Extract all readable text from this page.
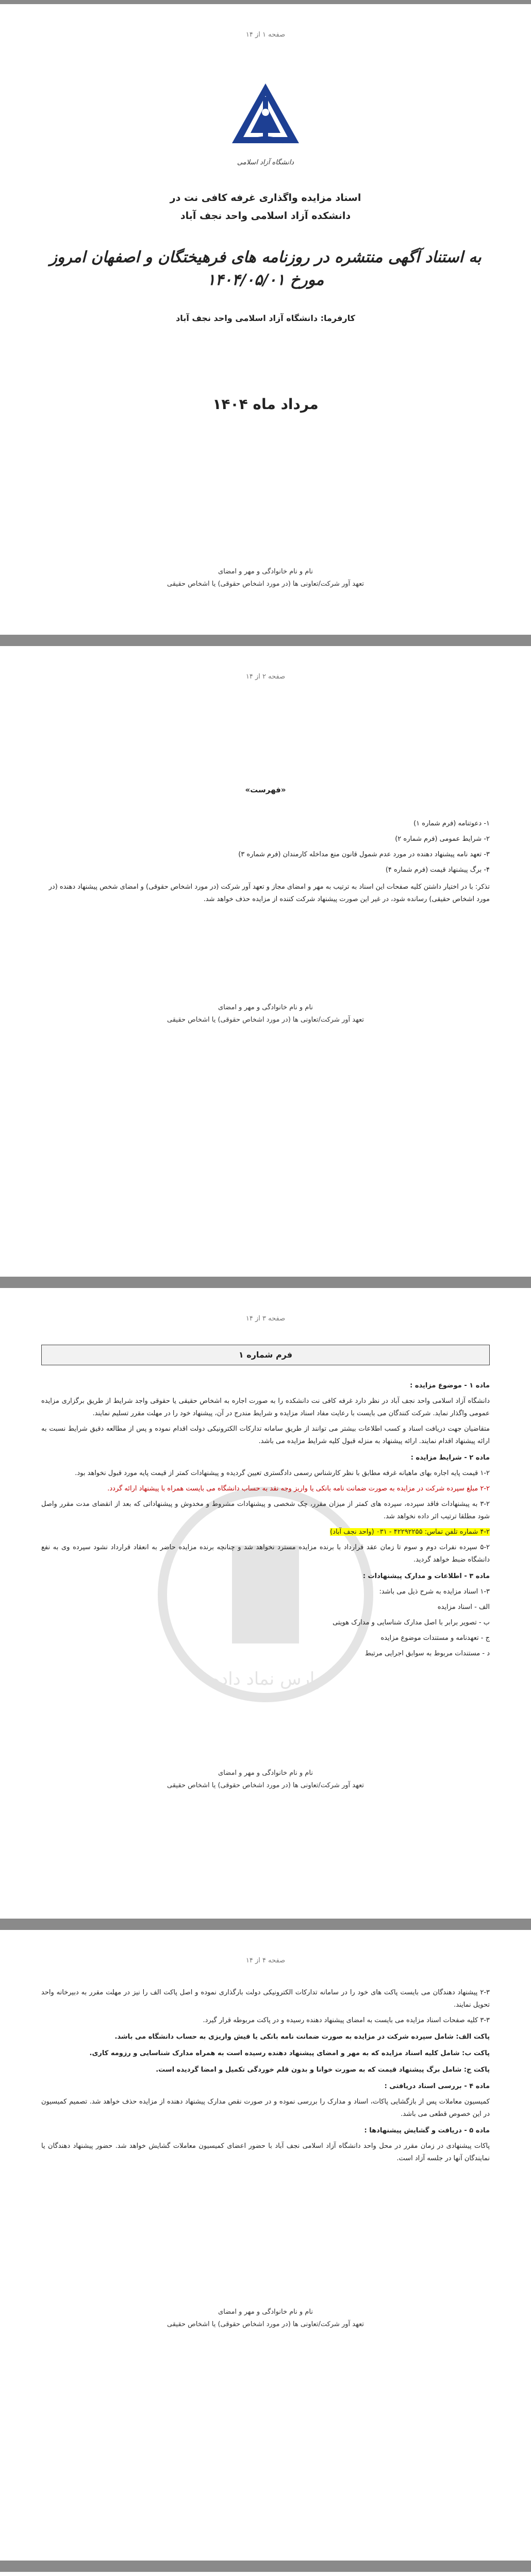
صفحه ۱ از ۱۴
دانشگاه آزاد اسلامی
اسناد مزایده واگذاری غرفه کافی نت در
دانشکده آزاد اسلامی واحد نجف آباد
به استناد آگهی منتشره در روزنامه های فرهیختگان و اصفهان امروز مورخ ۱۴۰۴/۰۵/۰۱
کارفرما: دانشگاه آزاد اسلامی واحد نجف آباد
مرداد ماه ۱۴۰۴
نام و نام خانوادگی و مهر و امضای
تعهد آور شرکت/تعاونی ها (در مورد اشخاص حقوقی) یا اشخاص حقیقی
صفحه ۲ از ۱۴
«فهرست»
۱- دعوتنامه (فرم شماره ۱)
۲- شرایط عمومی (فرم شماره ۲)
۳- تعهد نامه پیشنهاد دهنده در مورد عدم شمول قانون منع مداخله کارمندان (فرم شماره ۳)
۴- برگ پیشنهاد قیمت (فرم شماره ۴)
تذکر: با در اختیار داشتن کلیه صفحات این اسناد به ترتیب به مهر و امضای مجاز و تعهد آور شرکت (در مورد اشخاص حقوقی) و امضای شخص پیشنهاد دهنده (در مورد اشخاص حقیقی) رسانده شود، در غیر این صورت پیشنهاد شرکت کننده از مزایده حذف خواهد شد.
نام و نام خانوادگی و مهر و امضای
تعهد آور شرکت/تعاونی ها (در مورد اشخاص حقوقی) یا اشخاص حقیقی
صفحه ۳ از ۱۴
پارس نماد داده
فرم شماره ۱

ماده ۱ - موضوع مزایده :

دانشگاه آزاد اسلامی واحد نجف آباد در نظر دارد غرفه کافی نت دانشکده را به صورت اجاره به اشخاص حقیقی یا حقوقی واجد شرایط از طریق برگزاری مزایده عمومی واگذار نماید. شرکت کنندگان می بایست با رعایت مفاد اسناد مزایده و شرایط مندرج در آن، پیشنهاد خود را در مهلت مقرر تسلیم نمایند.

متقاضیان جهت دریافت اسناد و کسب اطلاعات بیشتر می توانند از طریق سامانه تدارکات الکترونیکی دولت اقدام نموده و پس از مطالعه دقیق شرایط نسبت به ارائه پیشنهاد اقدام نمایند. ارائه پیشنهاد به منزله قبول کلیه شرایط مزایده می باشد.

ماده ۲ - شرایط مزایده :

۱-۲ قیمت پایه اجاره بهای ماهیانه غرفه مطابق با نظر کارشناس رسمی دادگستری تعیین گردیده و پیشنهادات کمتر از قیمت پایه مورد قبول نخواهد بود.

۲-۲ مبلغ سپرده شرکت در مزایده به صورت ضمانت نامه بانکی یا واریز وجه نقد به حساب دانشگاه می بایست همراه با پیشنهاد ارائه گردد.

۳-۲ به پیشنهادات فاقد سپرده، سپرده های کمتر از میزان مقرر، چک شخصی و پیشنهادات مشروط و مخدوش و پیشنهاداتی که بعد از انقضای مدت مقرر واصل شود مطلقا ترتیب اثر داده نخواهد شد.

۴-۲ شماره تلفن تماس: ۴۲۲۹۲۲۵۵ - ۰۳۱ (واحد نجف آباد)

۵-۲ سپرده نفرات دوم و سوم تا زمان عقد قرارداد با برنده مزایده مسترد نخواهد شد و چنانچه برنده مزایده حاضر به انعقاد قرارداد نشود سپرده وی به نفع دانشگاه ضبط خواهد گردید.

ماده ۳ - اطلاعات و مدارک پیشنهادات :

۱-۳ اسناد مزایده به شرح ذیل می باشد:

الف - اسناد مزایده

ب - تصویر برابر با اصل مدارک شناسایی و مدارک هویتی

ج - تعهدنامه و مستندات موضوع مزایده

د - مستندات مربوط به سوابق اجرایی مرتبط

نام و نام خانوادگی و مهر و امضای
تعهد آور شرکت/تعاونی ها (در مورد اشخاص حقوقی) یا اشخاص حقیقی
صفحه ۴ از ۱۴

۲-۳ پیشنهاد دهندگان می بایست پاکت های خود را در سامانه تدارکات الکترونیکی دولت بارگذاری نموده و اصل پاکت الف را نیز در مهلت مقرر به دبیرخانه واحد تحویل نمایند.

۳-۳ کلیه صفحات اسناد مزایده می بایست به امضای پیشنهاد دهنده رسیده و در پاکت مربوطه قرار گیرد.

پاکت الف: شامل سپرده شرکت در مزایده به صورت ضمانت نامه بانکی یا فیش واریزی به حساب دانشگاه می باشد.

پاکت ب: شامل کلیه اسناد مزایده که به مهر و امضای پیشنهاد دهنده رسیده است به همراه مدارک شناسایی و رزومه کاری.

پاکت ج: شامل برگ پیشنهاد قیمت که به صورت خوانا و بدون قلم خوردگی تکمیل و امضا گردیده است.

ماده ۴ - بررسی اسناد دریافتی :

کمیسیون معاملات پس از بازگشایی پاکات، اسناد و مدارک را بررسی نموده و در صورت نقص مدارک پیشنهاد دهنده از مزایده حذف خواهد شد. تصمیم کمیسیون در این خصوص قطعی می باشد.

ماده ۵ - دریافت و گشایش پیشنهادها :

پاکات پیشنهادی در زمان مقرر در محل واحد دانشگاه آزاد اسلامی نجف آباد با حضور اعضای کمیسیون معاملات گشایش خواهد شد. حضور پیشنهاد دهندگان یا نمایندگان آنها در جلسه آزاد است.

نام و نام خانوادگی و مهر و امضای
تعهد آور شرکت/تعاونی ها (در مورد اشخاص حقوقی) یا اشخاص حقیقی
